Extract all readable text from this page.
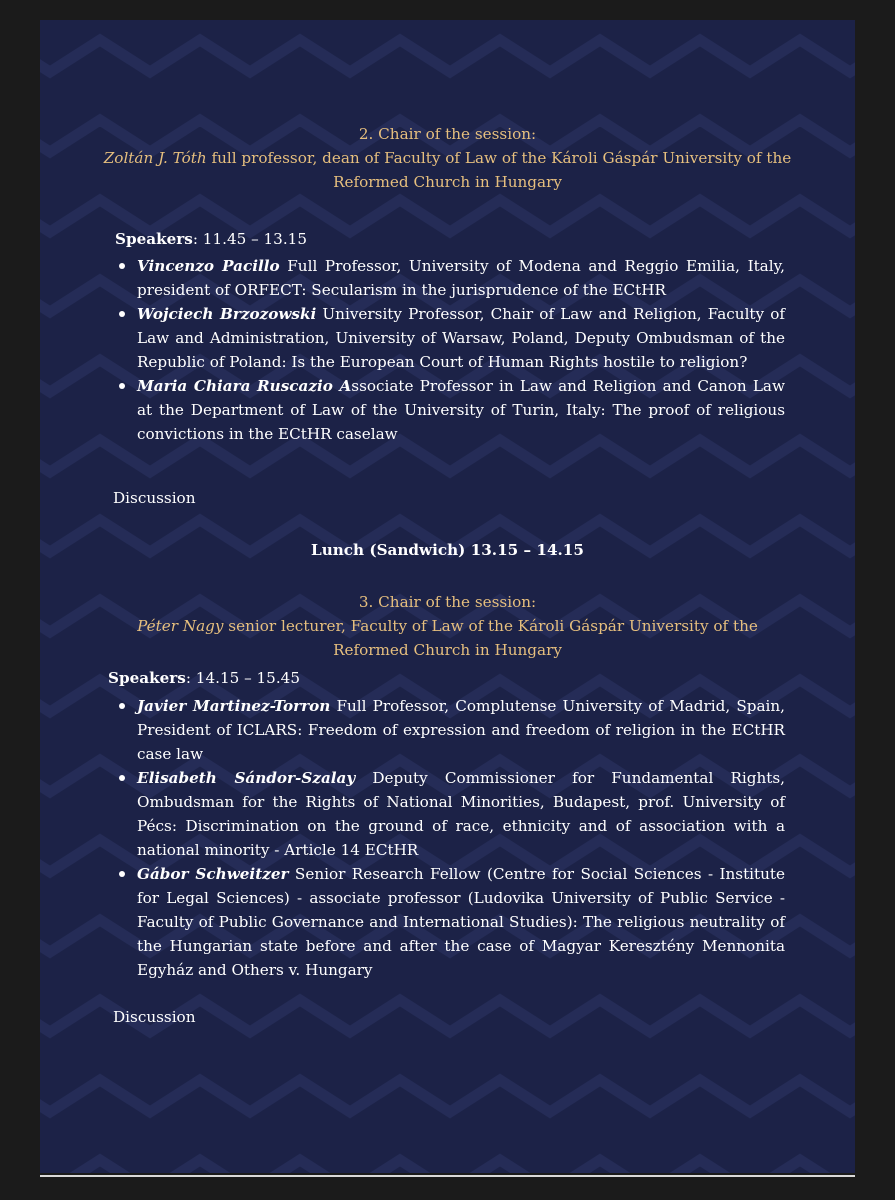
2. Chair of the session:
Zoltán J. Tóth full professor, dean of Faculty of Law of the Károli Gáspár University of the Reformed Church in Hungary
Speakers: 11.45 – 13.15
Vincenzo Pacillo Full Professor, University of Modena and Reggio Emilia, Italy, president of ORFECT: Secularism in the jurisprudence of the ECtHR
Wojciech Brzozowski University Professor, Chair of Law and Religion, Faculty of Law and Administration, University of Warsaw, Poland, Deputy Ombudsman of the Republic of Poland: Is the European Court of Human Rights hostile to religion?
Maria Chiara Ruscazio Associate Professor in Law and Religion and Canon Law at the Department of Law of the University of Turin, Italy: The proof of religious convictions in the ECtHR caselaw
Discussion
Lunch (Sandwich) 13.15 – 14.15
3. Chair of the session:
Péter Nagy senior lecturer, Faculty of Law of the Károli Gáspár University of the Reformed Church in Hungary
Speakers: 14.15 – 15.45
Javier Martinez-Torron Full Professor, Complutense University of Madrid, Spain, President of ICLARS: Freedom of expression and freedom of religion in the ECtHR case law
Elisabeth Sándor-Szalay Deputy Commissioner for Fundamental Rights, Ombudsman for the Rights of National Minorities, Budapest, prof. University of Pécs: Discrimination on the ground of race, ethnicity and of association with a national minority - Article 14 ECtHR
Gábor Schweitzer Senior Research Fellow (Centre for Social Sciences - Institute for Legal Sciences) - associate professor (Ludovika University of Public Service - Faculty of Public Governance and International Studies): The religious neutrality of the Hungarian state before and after the case of Magyar Keresztény Mennonita Egyház and Others v. Hungary
Discussion
